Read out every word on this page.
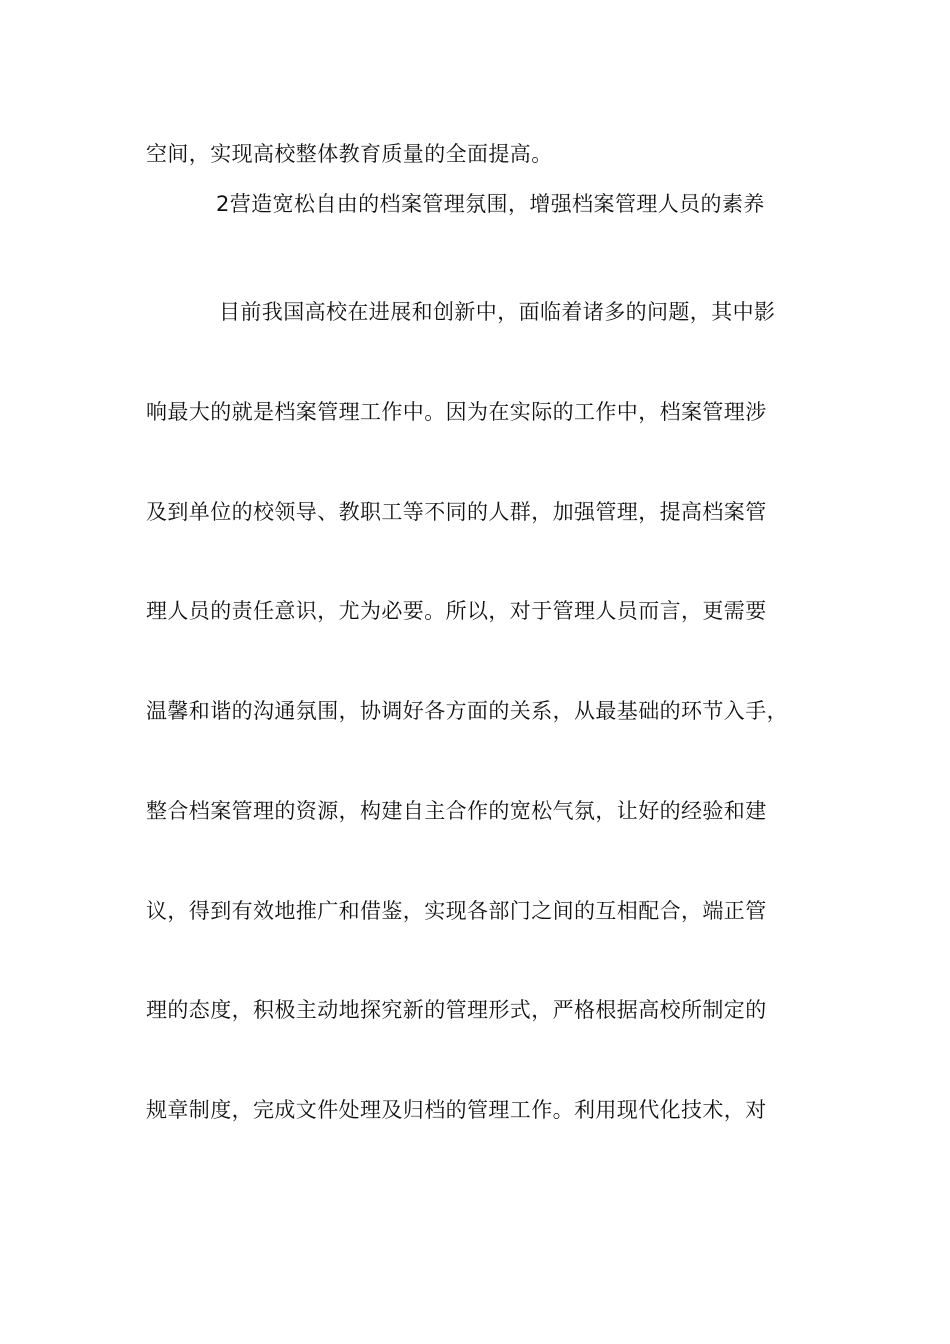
空间，实现高校整体教育质量的全面提高。
2营造宽松自由的档案管理氛围，增强档案管理人员的素养
目前我国高校在进展和创新中，面临着诸多的问题，其中影
响最大的就是档案管理工作中。因为在实际的工作中，档案管理涉
及到单位的校领导、教职工等不同的人群，加强管理，提高档案管
理人员的责任意识，尤为必要。所以，对于管理人员而言，更需要
温馨和谐的沟通氛围，协调好各方面的关系，从最基础的环节入手，
整合档案管理的资源，构建自主合作的宽松气氛，让好的经验和建
议，得到有效地推广和借鉴，实现各部门之间的互相配合，端正管
理的态度，积极主动地探究新的管理形式，严格根据高校所制定的
规章制度，完成文件处理及归档的管理工作。利用现代化技术，对
